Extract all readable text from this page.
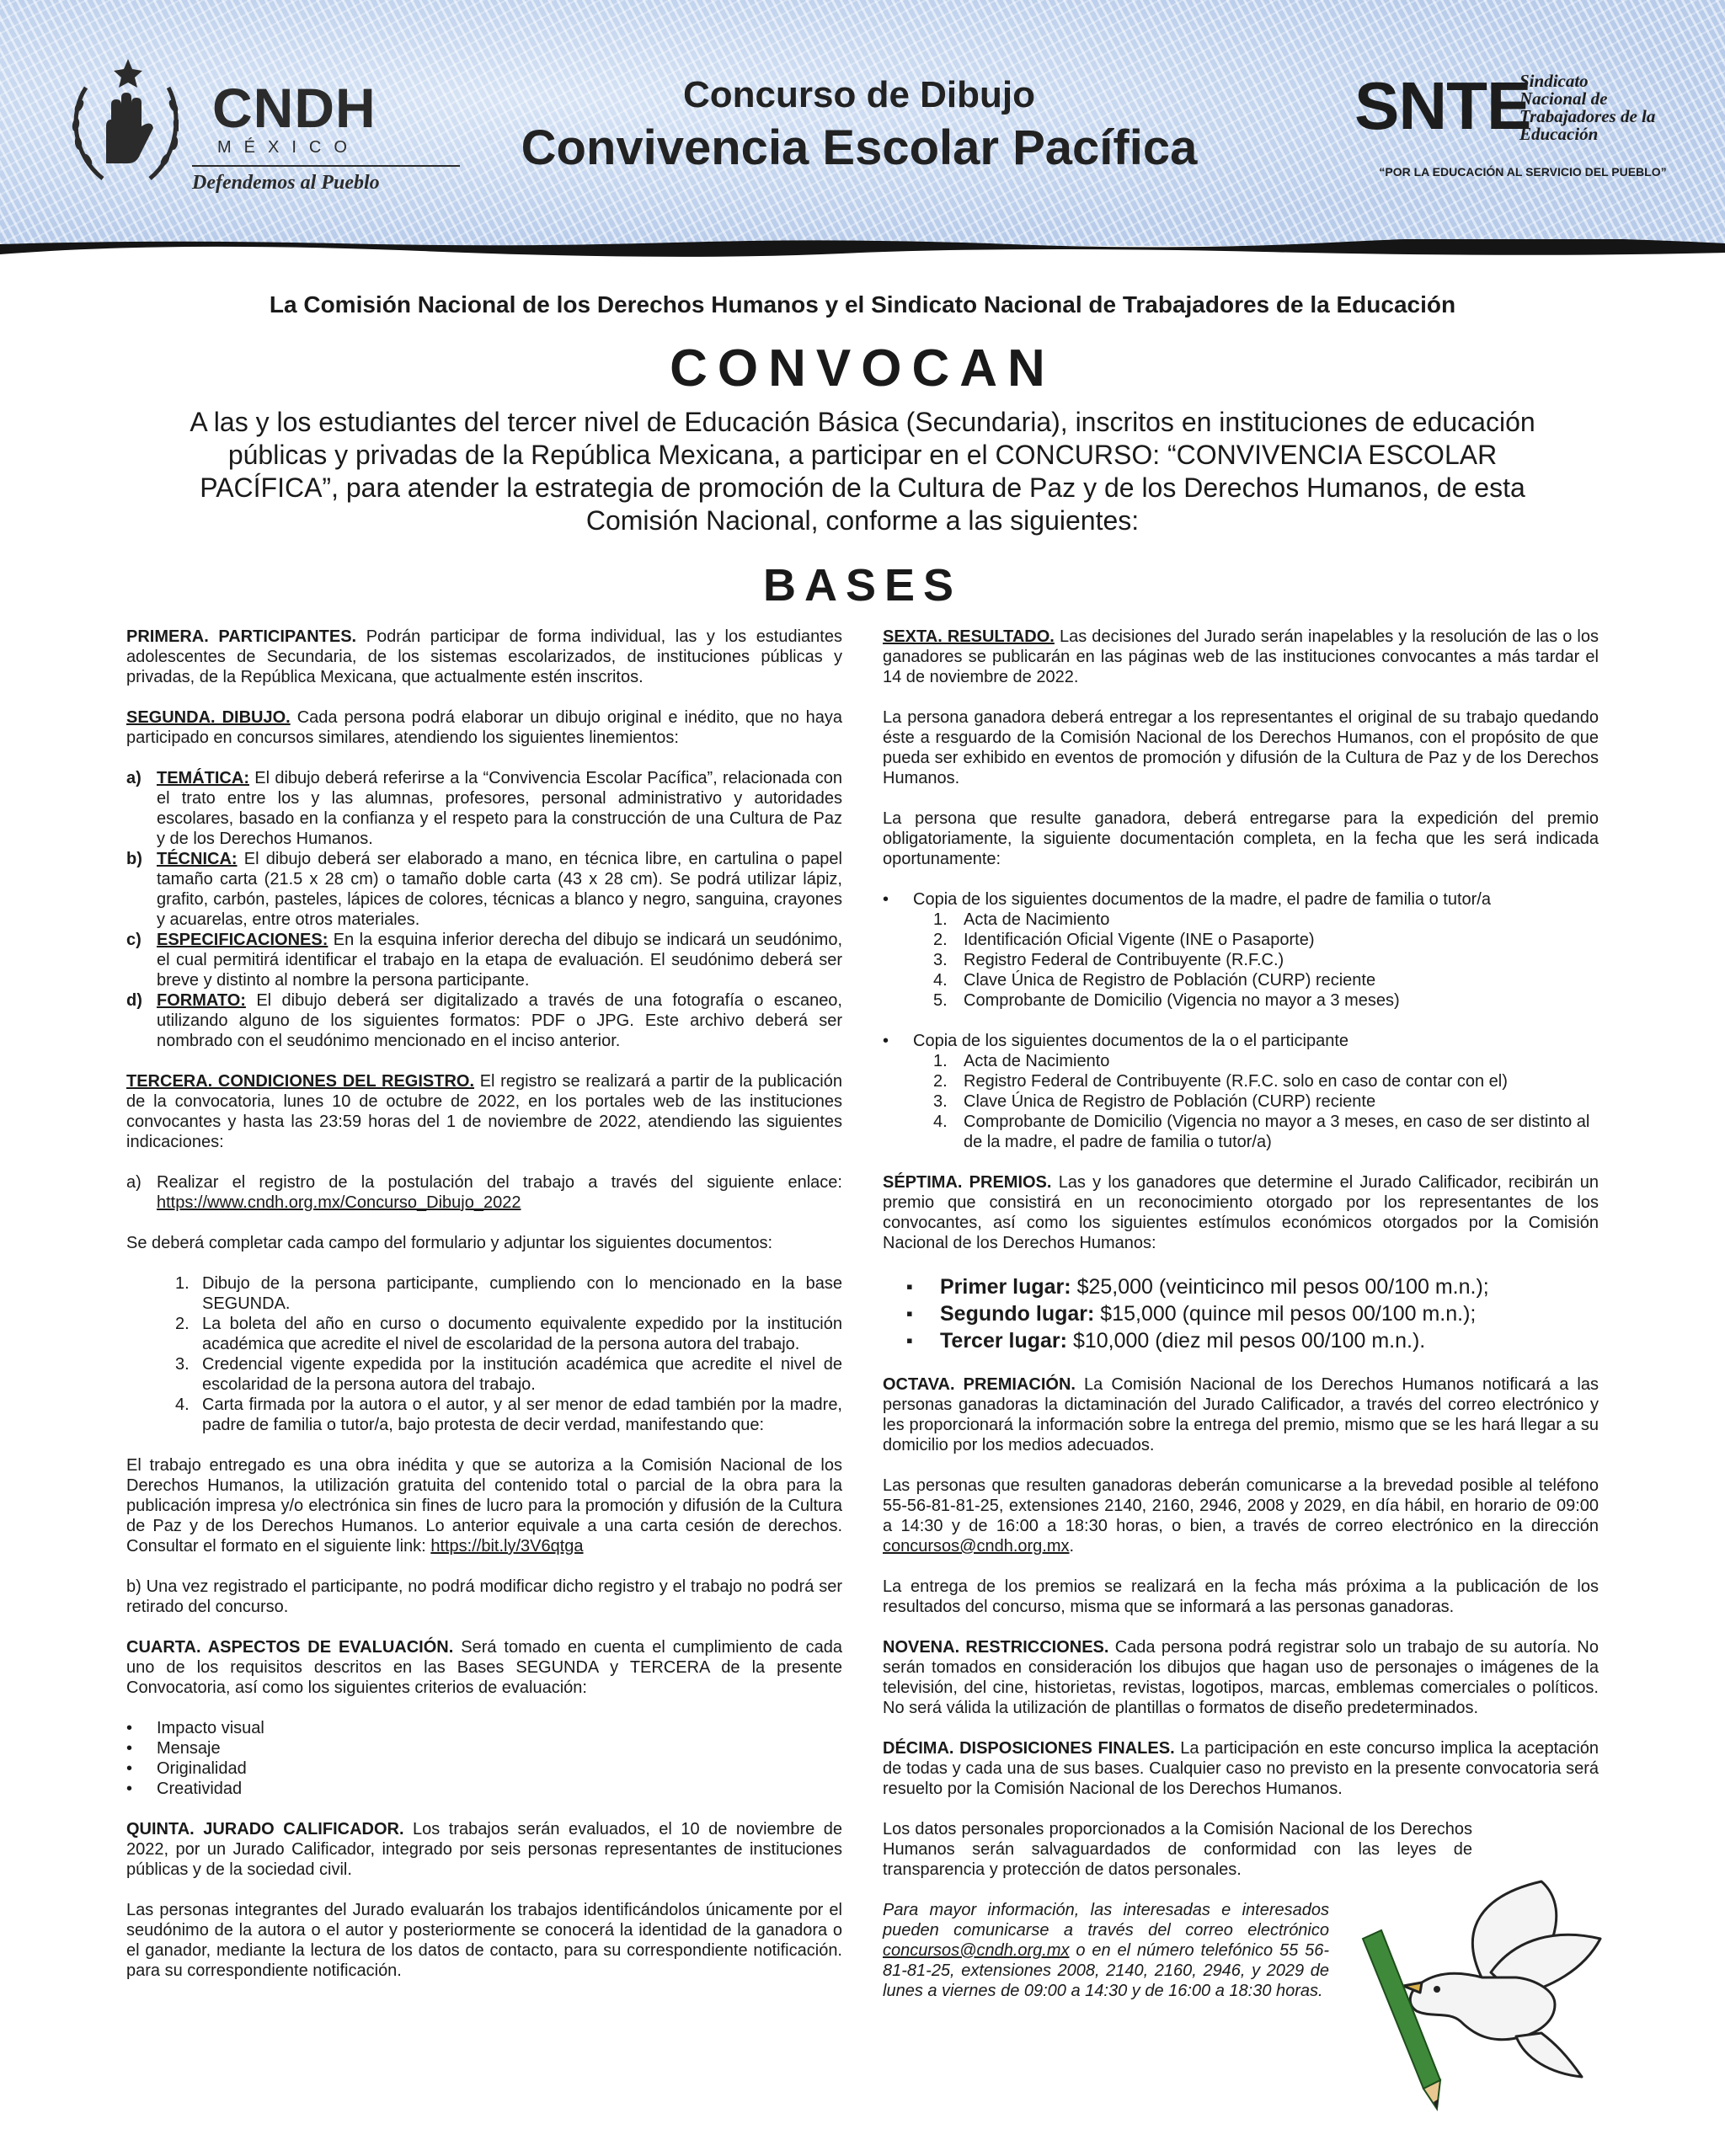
CNDH
MÉXICO
Defendemos al Pueblo
Concurso de Dibujo
Convivencia Escolar Pacífica
SNTE
Sindicato
Nacional de
Trabajadores de la
Educación
“POR LA EDUCACIÓN AL SERVICIO DEL PUEBLO”
La Comisión Nacional de los Derechos Humanos y el Sindicato Nacional de Trabajadores de la Educación
CONVOCAN
A las y los estudiantes del tercer nivel de Educación Básica (Secundaria), inscritos en instituciones de educación públicas y privadas de la República Mexicana, a participar en el CONCURSO: “CONVIVENCIA ESCOLAR PACÍFICA”, para atender la estrategia de promoción de la Cultura de Paz y de los Derechos Humanos, de esta Comisión Nacional, conforme a las siguientes:
BASES

PRIMERA. PARTICIPANTES. Podrán participar de forma individual, las y los estudiantes adolescentes de Secundaria, de los sistemas escolarizados, de instituciones públicas y privadas, de la República Mexicana, que actualmente estén inscritos.

SEGUNDA. DIBUJO. Cada persona podrá elaborar un dibujo original e inédito, que no haya participado en concursos similares, atendiendo los siguientes linemientos:

a) TEMÁTICA: El dibujo deberá referirse a la “Convivencia Escolar Pacífica”, relacionada con el trato entre los y las alumnas, profesores, personal administrativo y autoridades escolares, basado en la confianza y el respeto para la construcción de una Cultura de Paz y de los Derechos Humanos.
b) TÉCNICA: El dibujo deberá ser elaborado a mano, en técnica libre, en cartulina o papel tamaño carta (21.5 x 28 cm) o tamaño doble carta (43 x 28 cm). Se podrá utilizar lápiz, grafito, carbón, pasteles, lápices de colores, técnicas a blanco y negro, sanguina, crayones y acuarelas, entre otros materiales.
c) ESPECIFICACIONES: En la esquina inferior derecha del dibujo se indicará un seudónimo, el cual permitirá identificar el trabajo en la etapa de evaluación. El seudónimo deberá ser breve y distinto al nombre la persona participante.
d) FORMATO: El dibujo deberá ser digitalizado a través de una fotografía o escaneo, utilizando alguno de los siguientes formatos: PDF o JPG. Este archivo deberá ser nombrado con el seudónimo mencionado en el inciso anterior.

TERCERA. CONDICIONES DEL REGISTRO. El registro se realizará a partir de la publicación de la convocatoria, lunes 10 de octubre de 2022, en los portales web de las instituciones convocantes y hasta las 23:59 horas del 1 de noviembre de 2022, atendiendo las siguientes indicaciones:

a) Realizar el registro de la postulación del trabajo a través del siguiente enlace: https://www.cndh.org.mx/Concurso_Dibujo_2022

Se deberá completar cada campo del formulario y adjuntar los siguientes documentos:

1. Dibujo de la persona participante, cumpliendo con lo mencionado en la base SEGUNDA.
2. La boleta del año en curso o documento equivalente expedido por la institución académica que acredite el nivel de escolaridad de la persona autora del trabajo.
3. Credencial vigente expedida por la institución académica que acredite el nivel de escolaridad de la persona autora del trabajo.
4. Carta firmada por la autora o el autor, y al ser menor de edad también por la madre, padre de familia o tutor/a, bajo protesta de decir verdad, manifestando que:

El trabajo entregado es una obra inédita y que se autoriza a la Comisión Nacional de los Derechos Humanos, la utilización gratuita del contenido total o parcial de la obra para la publicación impresa y/o electrónica sin fines de lucro para la promoción y difusión de la Cultura de Paz y de los Derechos Humanos. Lo anterior equivale a una carta cesión de derechos. Consultar el formato en el siguiente link: https://bit.ly/3V6qtga

b) Una vez registrado el participante, no podrá modificar dicho registro y el trabajo no podrá ser retirado del concurso.

CUARTA. ASPECTOS DE EVALUACIÓN. Será tomado en cuenta el cumplimiento de cada uno de los requisitos descritos en las Bases SEGUNDA y TERCERA de la presente Convocatoria, así como los siguientes criterios de evaluación:

•	Impacto visual
•	Mensaje
•	Originalidad
•	Creatividad

QUINTA. JURADO CALIFICADOR. Los trabajos serán evaluados, el 10 de noviembre de 2022, por un Jurado Calificador, integrado por seis personas representantes de instituciones públicas y de la sociedad civil.

Las personas integrantes del Jurado evaluarán los trabajos identificándolos únicamente por el seudónimo de la autora o el autor y posteriormente se conocerá la identidad de la ganadora o el ganador, mediante la lectura de los datos de contacto, para su correspondiente notificación. para su correspondiente notificación.

SEXTA. RESULTADO. Las decisiones del Jurado serán inapelables y la resolución de las o los ganadores se publicarán en las páginas web de las instituciones convocantes a más tardar el 14 de noviembre de 2022.

La persona ganadora deberá entregar a los representantes el original de su trabajo quedando éste a resguardo de la Comisión Nacional de los Derechos Humanos, con el propósito de que pueda ser exhibido en eventos de promoción y difusión de la Cultura de Paz y de los Derechos Humanos.

La persona que resulte ganadora, deberá entregarse para la expedición del premio obligatoriamente, la siguiente documentación completa, en la fecha que les será indicada oportunamente:

•	Copia de los siguientes documentos de la madre, el padre de familia o tutor/a
1. Acta de Nacimiento
2. Identificación Oficial Vigente (INE o Pasaporte)
3. Registro Federal de Contribuyente (R.F.C.)
4. Clave Única de Registro de Población (CURP) reciente
5. Comprobante de Domicilio (Vigencia no mayor a 3 meses)
•	Copia de los siguientes documentos de la o el participante
1. Acta de Nacimiento
2. Registro Federal de Contribuyente (R.F.C. solo en caso de contar con el)
3. Clave Única de Registro de Población (CURP) reciente
4. Comprobante de Domicilio (Vigencia no mayor a 3 meses, en caso de ser distinto al de la madre, el padre de familia o tutor/a)

SÉPTIMA. PREMIOS. Las y los ganadores que determine el Jurado Calificador, recibirán un premio que consistirá en un reconocimiento otorgado por los representantes de los convocantes, así como los siguientes estímulos económicos otorgados por la Comisión Nacional de los Derechos Humanos:

▪	Primer lugar: $25,000 (veinticinco mil pesos 00/100 m.n.);
▪	Segundo lugar: $15,000 (quince mil pesos 00/100 m.n.);
▪	Tercer lugar: $10,000 (diez mil pesos 00/100 m.n.).

OCTAVA. PREMIACIÓN. La Comisión Nacional de los Derechos Humanos notificará a las personas ganadoras la dictaminación del Jurado Calificador, a través del correo electrónico y les proporcionará la información sobre la entrega del premio, mismo que se les hará llegar a su domicilio por los medios adecuados.

Las personas que resulten ganadoras deberán comunicarse a la brevedad posible al teléfono 55-56-81-81-25, extensiones 2140, 2160, 2946, 2008 y 2029, en día hábil, en horario de 09:00 a 14:30 y de 16:00 a 18:30 horas, o bien, a través de correo electrónico en la dirección concursos@cndh.org.mx.

La entrega de los premios se realizará en la fecha más próxima a la publicación de los resultados del concurso, misma que se informará a las personas ganadoras.

NOVENA. RESTRICCIONES. Cada persona podrá registrar solo un trabajo de su autoría. No serán tomados en consideración los dibujos que hagan uso de personajes o imágenes de la televisión, del cine, historietas, revistas, logotipos, marcas, emblemas comerciales o políticos. No será válida la utilización de plantillas o formatos de diseño predeterminados.

DÉCIMA. DISPOSICIONES FINALES. La participación en este concurso implica la aceptación de todas y cada una de sus bases. Cualquier caso no previsto en la presente convocatoria será resuelto por la Comisión Nacional de los Derechos Humanos.

Los datos personales proporcionados a la Comisión Nacional de los Derechos Humanos serán salvaguardados de conformidad con las leyes de transparencia y protección de datos personales.

Para mayor información, las interesadas e interesados pueden comunicarse a través del correo electrónico concursos@cndh.org.mx o en el número telefónico 55 56-81-81-25, extensiones 2008, 2140, 2160, 2946, y 2029 de lunes a viernes de 09:00 a 14:30 y de 16:00 a 18:30 horas.
